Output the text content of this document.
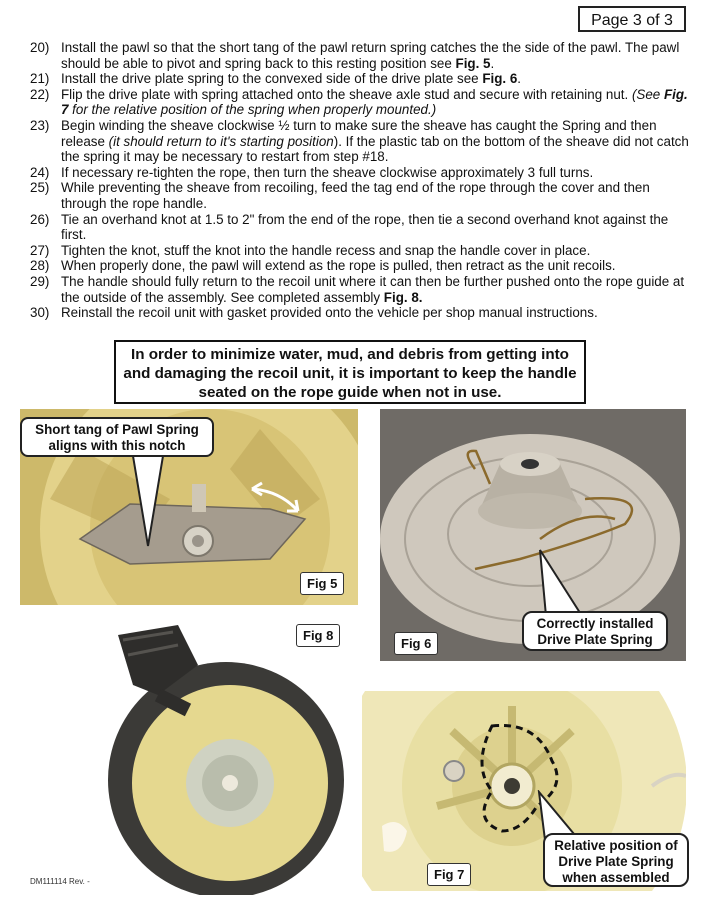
Page 3 of 3
20) Install the pawl so that the short tang of the pawl return spring catches the the side of the pawl. The pawl should be able to pivot and spring back to this resting position see Fig. 5.
21) Install the drive plate spring to the convexed side of the drive plate see Fig. 6.
22) Flip the drive plate with spring attached onto the sheave axle stud and secure with retaining nut. (See Fig. 7 for the relative position of the spring when properly mounted.)
23) Begin winding the sheave clockwise ½ turn to make sure the sheave has caught the Spring and then release (it should return to it's starting position). If the plastic tab on the bottom of the sheave did not catch the spring it may be necessary to restart from step #18.
24) If necessary re-tighten the rope, then turn the sheave clockwise approximately 3 full turns.
25) While preventing the sheave from recoiling, feed the tag end of the rope through the cover and then through the rope handle.
26) Tie an overhand knot at 1.5 to 2" from the end of the rope, then tie a second overhand knot against the first.
27) Tighten the knot, stuff the knot into the handle recess and snap the handle cover in place.
28) When properly done, the pawl will extend as the rope is pulled, then retract as the unit recoils.
29) The handle should fully return to the recoil unit where it can then be further pushed onto the rope guide at the outside of the assembly. See completed assembly Fig. 8.
30) Reinstall the recoil unit with gasket provided onto the vehicle per shop manual instructions.
In order to minimize water, mud, and debris from getting into and damaging the recoil unit, it is important to keep the handle seated on the rope guide when not in use.
Short tang of Pawl Spring aligns with this notch
Fig 5
Correctly installed Drive Plate Spring
Fig 6
Fig 8
Relative position of Drive Plate Spring when assembled
Fig 7
DM111114 Rev. -
